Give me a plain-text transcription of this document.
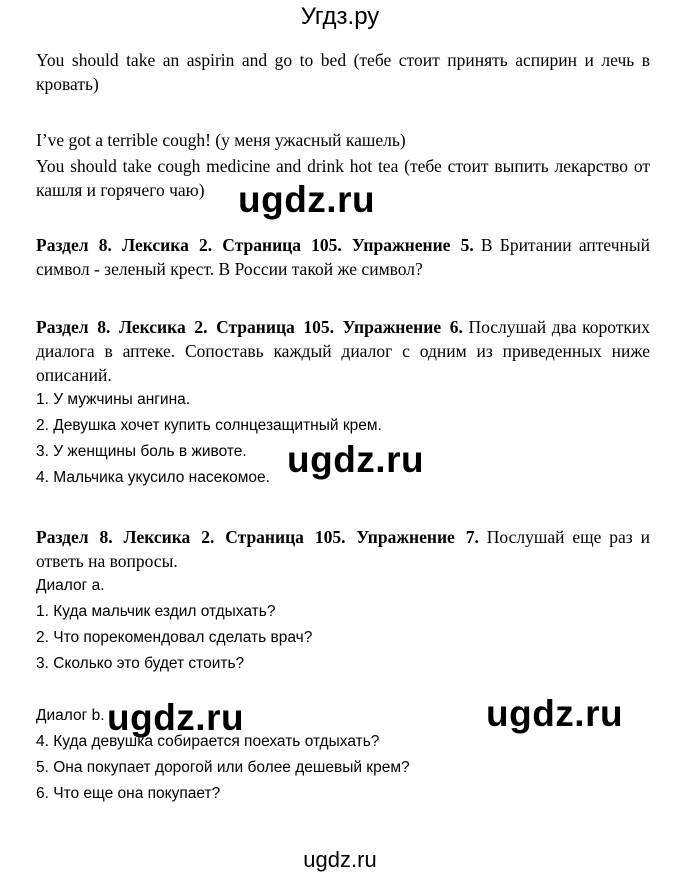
Угдз.ру

You should take an aspirin and go to bed (тебе стоит принять аспирин и лечь в кровать)

I’ve got a terrible cough! (у меня ужасный кашель)

You should take cough medicine and drink hot tea (тебе стоит выпить лекарство от кашля и горячего чаю)

Раздел 8. Лексика 2. Страница 105. Упражнение 5. В Британии аптечный символ - зеленый крест. В России такой же символ?

Раздел 8. Лексика 2. Страница 105. Упражнение 6. Послушай два коротких диалога в аптеке. Сопоставь каждый диалог с одним из приведенных ниже описаний.

1. У мужчины ангина.

2. Девушка хочет купить солнцезащитный крем.

3. У женщины боль в животе.

4. Мальчика укусило насекомое.

Раздел 8. Лексика 2. Страница 105. Упражнение 7. Послушай еще раз и ответь на вопросы.

Диалог a.

1. Куда мальчик ездил отдыхать?

2. Что порекомендовал сделать врач?

3. Сколько это будет стоить?

Диалог b.

4. Куда девушка собирается поехать отдыхать?

5. Она покупает дорогой или более дешевый крем?

6. Что еще она покупает?

ugdz.ru
ugdz.ru
ugdz.ru	ugdz.ru
ugdz.ru
